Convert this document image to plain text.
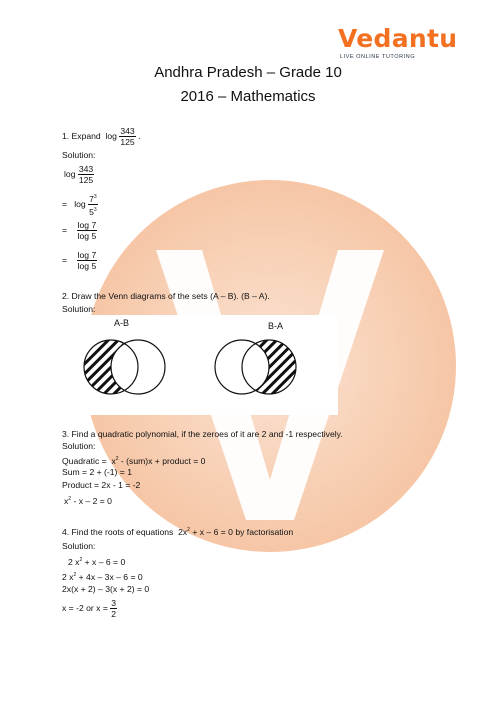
Vedantu
LIVE ONLINE TUTORING
Andhra Pradesh – Grade 10
2016 – Mathematics
1. Expand $\log \frac{343}{125}$ .
Solution:
$\log \frac{343}{125}$
= $\log \frac{7^3}{5^3}$
= $\frac{\log 7}{\log 5}$
= $\frac{\log 7}{\log 5}$
2. Draw the Venn diagrams of the sets (A – B). (B – A).
Solution:
A-B	B-A
3. Find a quadratic polynomial, if the zeroes of it are 2 and -1 respectively.
Solution:
Quadratic =  $x^2 - (sum)x$ + product = 0
Sum = 2 + (-1) = 1
Product = 2x - 1 = -2
$x^2 - x - 2 = 0$
4. Find the roots of equations  $2x^2 + x - 6 = 0$ by factorisation
Solution:
2 $x^2 + x - 6 = 0$
2 $x^2 + 4x - 3x - 6 = 0$
2x(x + 2) – 3(x + 2) = 0
x = -2 or $x = \frac{3}{2}$
